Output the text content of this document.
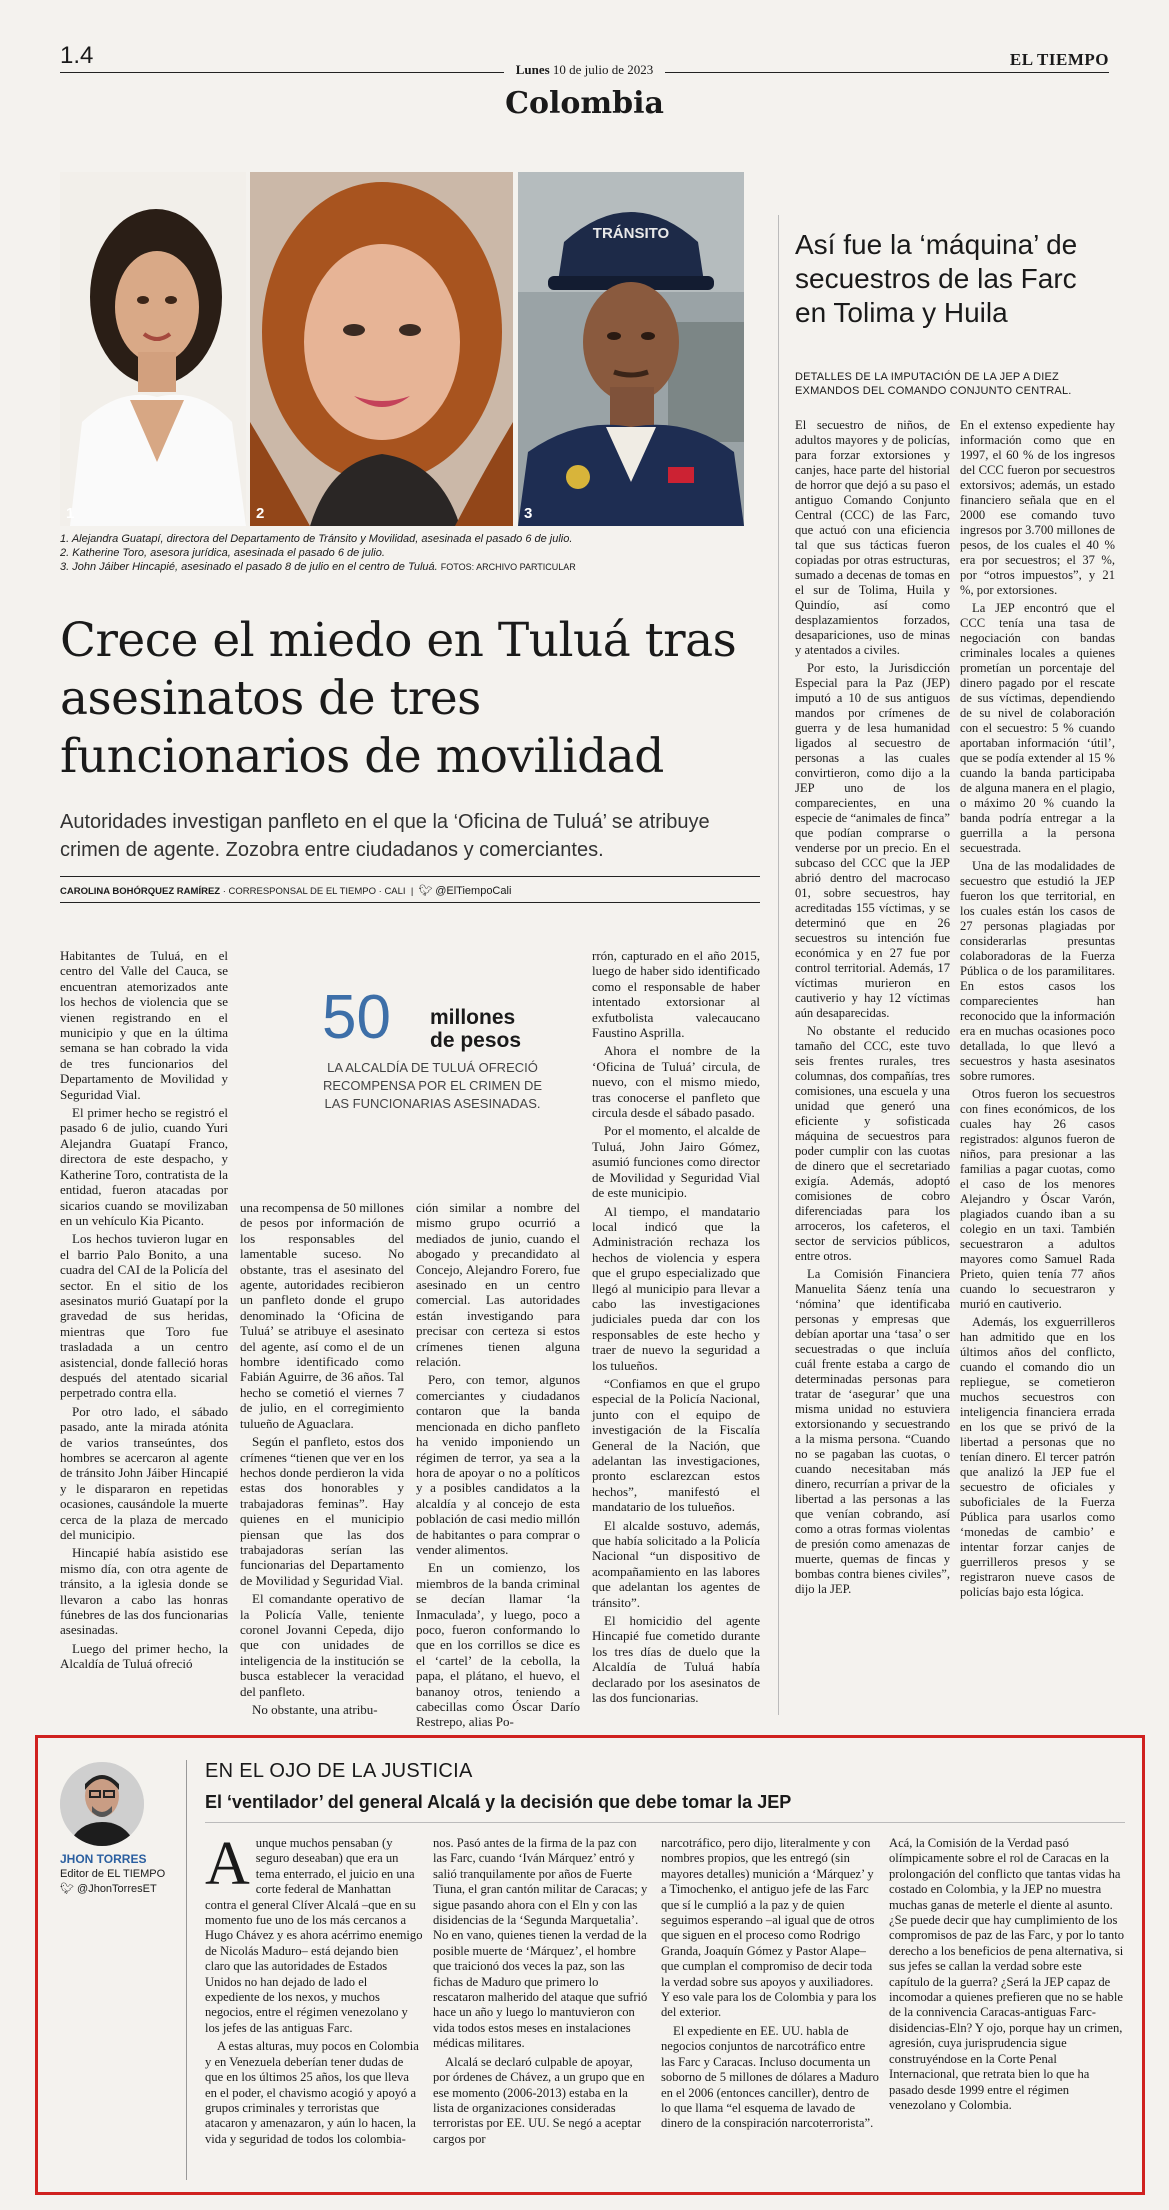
1.4
Lunes 10 de julio de 2023
EL TIEMPO
Colombia
1	2
TRÁNSITO
3
1. Alejandra Guatapí, directora del Departamento de Tránsito y Movilidad, asesinada el pasado 6 de julio.
2. Katherine Toro, asesora jurídica, asesinada el pasado 6 de julio.
3. John Jáiber Hincapié, asesinado el pasado 8 de julio en el centro de Tuluá. FOTOS: ARCHIVO PARTICULAR
Crece el miedo en Tuluá tras asesinatos de tres funcionarios de movilidad

Autoridades investigan panfleto en el que la ‘Oficina de Tuluá’ se atribuye crimen de agente. Zozobra entre ciudadanos y comerciantes.

CAROLINA BOHÓRQUEZ RAMÍREZ · CORRESPONSAL DE EL TIEMPO · CALI  |  🐦︎ @ElTiempoCali

Habitantes de Tuluá, en el centro del Valle del Cauca, se encuentran atemorizados ante los hechos de violencia que se vienen registrando en el municipio y que en la última semana se han cobrado la vida de tres funcionarios del Departamento de Movilidad y Seguridad Vial.

El primer hecho se registró el pasado 6 de julio, cuando Yuri Alejandra Guatapí Franco, directora de este despacho, y Katherine Toro, contratista de la entidad, fueron atacadas por sicarios cuando se movilizaban en un vehículo Kia Picanto.

Los hechos tuvieron lugar en el barrio Palo Bonito, a una cuadra del CAI de la Policía del sector. En el sitio de los asesinatos murió Guatapí por la gravedad de sus heridas, mientras que Toro fue trasladada a un centro asistencial, donde falleció horas después del atentado sicarial perpetrado contra ella.

Por otro lado, el sábado pasado, ante la mirada atónita de varios transeúntes, dos hombres se acercaron al agente de tránsito John Jáiber Hincapié y le dispararon en repetidas ocasiones, causándole la muerte cerca de la plaza de mercado del municipio.

Hincapié había asistido ese mismo día, con otra agente de tránsito, a la iglesia donde se llevaron a cabo las honras fúnebres de las dos funcionarias asesinadas.

Luego del primer hecho, la Alcaldía de Tuluá ofreció

50 millones
de pesos
LA ALCALDÍA DE TULUÁ OFRECIÓ RECOMPENSA POR EL CRIMEN DE LAS FUNCIONARIAS ASESINADAS.

una recompensa de 50 millones de pesos por información de los responsables del lamentable suceso. No obstante, tras el asesinato del agente, autoridades recibieron un panfleto donde el grupo denominado la ‘Oficina de Tuluá’ se atribuye el asesinato del agente, así como el de un hombre identificado como Fabián Aguirre, de 36 años. Tal hecho se cometió el viernes 7 de julio, en el corregimiento tulueño de Aguaclara.

Según el panfleto, estos dos crímenes “tienen que ver en los hechos donde perdieron la vida estas dos honorables y trabajadoras feminas”. Hay quienes en el municipio piensan que las dos trabajadoras serían las funcionarias del Departamento de Movilidad y Seguridad Vial.

El comandante operativo de la Policía Valle, teniente coronel Jovanni Cepeda, dijo que con unidades de inteligencia de la institución se busca establecer la veracidad del panfleto.

No obstante, una atribu-

ción similar a nombre del mismo grupo ocurrió a mediados de junio, cuando el abogado y precandidato al Concejo, Alejandro Forero, fue asesinado en un centro comercial. Las autoridades están investigando para precisar con certeza si estos crímenes tienen alguna relación.

Pero, con temor, algunos comerciantes y ciudadanos contaron que la banda mencionada en dicho panfleto ha venido imponiendo un régimen de terror, ya sea a la hora de apoyar o no a políticos y a posibles candidatos a la alcaldía y al concejo de esta población de casi medio millón de habitantes o para comprar o vender alimentos.

En un comienzo, los miembros de la banda criminal se decían llamar ‘la Inmaculada’, y luego, poco a poco, fueron conformando lo que en los corrillos se dice es el ‘cartel’ de la cebolla, la papa, el plátano, el huevo, el bananoy otros, teniendo a cabecillas como Óscar Darío Restrepo, alias Po-

rrón, capturado en el año 2015, luego de haber sido identificado como el responsable de haber intentado extorsionar al exfutbolista valecaucano Faustino Asprilla.

Ahora el nombre de la ‘Oficina de Tuluá’ circula, de nuevo, con el mismo miedo, tras conocerse el panfleto que circula desde el sábado pasado.

Por el momento, el alcalde de Tuluá, John Jairo Gómez, asumió funciones como director de Movilidad y Seguridad Vial de este municipio.

Al tiempo, el mandatario local indicó que la Administración rechaza los hechos de violencia y espera que el grupo especializado que llegó al municipio para llevar a cabo las investigaciones judiciales pueda dar con los responsables de este hecho y traer de nuevo la seguridad a los tulueños.

“Confiamos en que el grupo especial de la Policía Nacional, junto con el equipo de investigación de la Fiscalía General de la Nación, que adelantan las investigaciones, pronto esclarezcan estos hechos”, manifestó el mandatario de los tulueños.

El alcalde sostuvo, además, que había solicitado a la Policía Nacional “un dispositivo de acompañamiento en las labores que adelantan los agentes de tránsito”.

El homicidio del agente Hincapié fue cometido durante los tres días de duelo que la Alcaldía de Tuluá había declarado por los asesinatos de las dos funcionarias.

Así fue la ‘máquina’ de secuestros de las Farc en Tolima y Huila
DETALLES DE LA IMPUTACIÓN DE LA JEP A DIEZ EXMANDOS DEL COMANDO CONJUNTO CENTRAL.

El secuestro de niños, de adultos mayores y de policías, para forzar extorsiones y canjes, hace parte del historial de horror que dejó a su paso el antiguo Comando Conjunto Central (CCC) de las Farc, que actuó con una eficiencia tal que sus tácticas fueron copiadas por otras estructuras, sumado a decenas de tomas en el sur de Tolima, Huila y Quindío, así como desplazamientos forzados, desapariciones, uso de minas y atentados a civiles.

Por esto, la Jurisdicción Especial para la Paz (JEP) imputó a 10 de sus antiguos mandos por crímenes de guerra y de lesa humanidad ligados al secuestro de personas a las cuales convirtieron, como dijo a la JEP uno de los comparecientes, en una especie de “animales de finca” que podían comprarse o venderse por un precio. En el subcaso del CCC que la JEP abrió dentro del macrocaso 01, sobre secuestros, hay acreditadas 155 víctimas, y se determinó que en 26 secuestros su intención fue económica y en 27 fue por control territorial. Además, 17 víctimas murieron en cautiverio y hay 12 víctimas aún desaparecidas.

No obstante el reducido tamaño del CCC, este tuvo seis frentes rurales, tres columnas, dos compañías, tres comisiones, una escuela y una unidad que generó una eficiente y sofisticada máquina de secuestros para poder cumplir con las cuotas de dinero que el secretariado exigía. Además, adoptó comisiones de cobro diferenciadas para los arroceros, los cafeteros, el sector de servicios públicos, entre otros.

La Comisión Financiera Manuelita Sáenz tenía una ‘nómina’ que identificaba personas y empresas que debían aportar una ‘tasa’ o ser secuestradas o que incluía cuál frente estaba a cargo de determinadas personas para tratar de ‘asegurar’ que una misma unidad no estuviera extorsionando y secuestrando a la misma persona. “Cuando no se pagaban las cuotas, o cuando necesitaban más dinero, recurrían a privar de la libertad a las personas a las que venían cobrando, así como a otras formas violentas de presión como amenazas de muerte, quemas de fincas y bombas contra bienes civiles”, dijo la JEP.

En el extenso expediente hay información como que en 1997, el 60 % de los ingresos del CCC fueron por secuestros extorsivos; además, un estado financiero señala que en el 2000 ese comando tuvo ingresos por 3.700 millones de pesos, de los cuales el 40 % era por secuestros; el 37 %, por “otros impuestos”, y 21 %, por extorsiones.

La JEP encontró que el CCC tenía una tasa de negociación con bandas criminales locales a quienes prometían un porcentaje del dinero pagado por el rescate de sus víctimas, dependiendo de su nivel de colaboración con el secuestro: 5 % cuando aportaban información ‘útil’, que se podía extender al 15 % cuando la banda participaba de alguna manera en el plagio, o máximo 20 % cuando la banda podría entregar a la guerrilla a la persona secuestrada.

Una de las modalidades de secuestro que estudió la JEP fueron los que territorial, en los cuales están los casos de 27 personas plagiadas por considerarlas presuntas colaboradoras de la Fuerza Pública o de los paramilitares. En estos casos los comparecientes han reconocido que la información era en muchas ocasiones poco detallada, lo que llevó a secuestros y hasta asesinatos sobre rumores.

Otros fueron los secuestros con fines económicos, de los cuales hay 26 casos registrados: algunos fueron de niños, para presionar a las familias a pagar cuotas, como el caso de los menores Alejandro y Óscar Varón, plagiados cuando iban a su colegio en un taxi. También secuestraron a adultos mayores como Samuel Rada Prieto, quien tenía 77 años cuando lo secuestraron y murió en cautiverio.

Además, los exguerrilleros han admitido que en los últimos años del conflicto, cuando el comando dio un repliegue, se cometieron muchos secuestros con inteligencia financiera errada en los que se privó de la libertad a personas que no tenían dinero. El tercer patrón que analizó la JEP fue el secuestro de oficiales y suboficiales de la Fuerza Pública para usarlos como ‘monedas de cambio’ e intentar forzar canjes de guerrilleros presos y se registraron nueve casos de policías bajo esta lógica.

JHON TORRES
Editor de EL TIEMPO
🐦︎ @JhonTorresET
EN EL OJO DE LA JUSTICIA
El ‘ventilador’ del general Alcalá y la decisión que debe tomar la JEP

A unque muchos pensaban (y seguro deseaban) que era un tema enterrado, el juicio en una corte federal de Manhattan contra el general Clíver Alcalá –que en su momento fue uno de los más cercanos a Hugo Chávez y es ahora acérrimo enemigo de Nicolás Maduro– está dejando bien claro que las autoridades de Estados Unidos no han dejado de lado el expediente de los nexos, y muchos negocios, entre el régimen venezolano y los jefes de las antiguas Farc.

A estas alturas, muy pocos en Colombia y en Venezuela deberían tener dudas de que en los últimos 25 años, los que lleva en el poder, el chavismo acogió y apoyó a grupos criminales y terroristas que atacaron y amenazaron, y aún lo hacen, la vida y seguridad de todos los colombia-

nos. Pasó antes de la firma de la paz con las Farc, cuando ‘Iván Márquez’ entró y salió tranquilamente por años de Fuerte Tiuna, el gran cantón militar de Caracas; y sigue pasando ahora con el Eln y con las disidencias de la ‘Segunda Marquetalia’. No en vano, quienes tienen la verdad de la posible muerte de ‘Márquez’, el hombre que traicionó dos veces la paz, son las fichas de Maduro que primero lo rescataron malherido del ataque que sufrió hace un año y luego lo mantuvieron con vida todos estos meses en instalaciones médicas militares.

Alcalá se declaró culpable de apoyar, por órdenes de Chávez, a un grupo que en ese momento (2006-2013) estaba en la lista de organizaciones consideradas terroristas por EE. UU. Se negó a aceptar cargos por

narcotráfico, pero dijo, literalmente y con nombres propios, que les entregó (sin mayores detalles) munición a ‘Márquez’ y a Timochenko, el antiguo jefe de las Farc que sí le cumplió a la paz y de quien seguimos esperando –al igual que de otros que siguen en el proceso como Rodrigo Granda, Joaquín Gómez y Pastor Alape– que cumplan el compromiso de decir toda la verdad sobre sus apoyos y auxiliadores. Y eso vale para los de Colombia y para los del exterior.

El expediente en EE. UU. habla de negocios conjuntos de narcotráfico entre las Farc y Caracas. Incluso documenta un soborno de 5 millones de dólares a Maduro en el 2006 (entonces canciller), dentro de lo que llama “el esquema de lavado de dinero de la conspiración narcoterrorista”.

Acá, la Comisión de la Verdad pasó olímpicamente sobre el rol de Caracas en la prolongación del conflicto que tantas vidas ha costado en Colombia, y la JEP no muestra muchas ganas de meterle el diente al asunto. ¿Se puede decir que hay cumplimiento de los compromisos de paz de las Farc, y por lo tanto derecho a los beneficios de pena alternativa, si sus jefes se callan la verdad sobre este capítulo de la guerra? ¿Será la JEP capaz de incomodar a quienes prefieren que no se hable de la connivencia Caracas-antiguas Farc-disidencias-Eln? Y ojo, porque hay un crimen, agresión, cuya jurisprudencia sigue construyéndose en la Corte Penal Internacional, que retrata bien lo que ha pasado desde 1999 entre el régimen venezolano y Colombia.
